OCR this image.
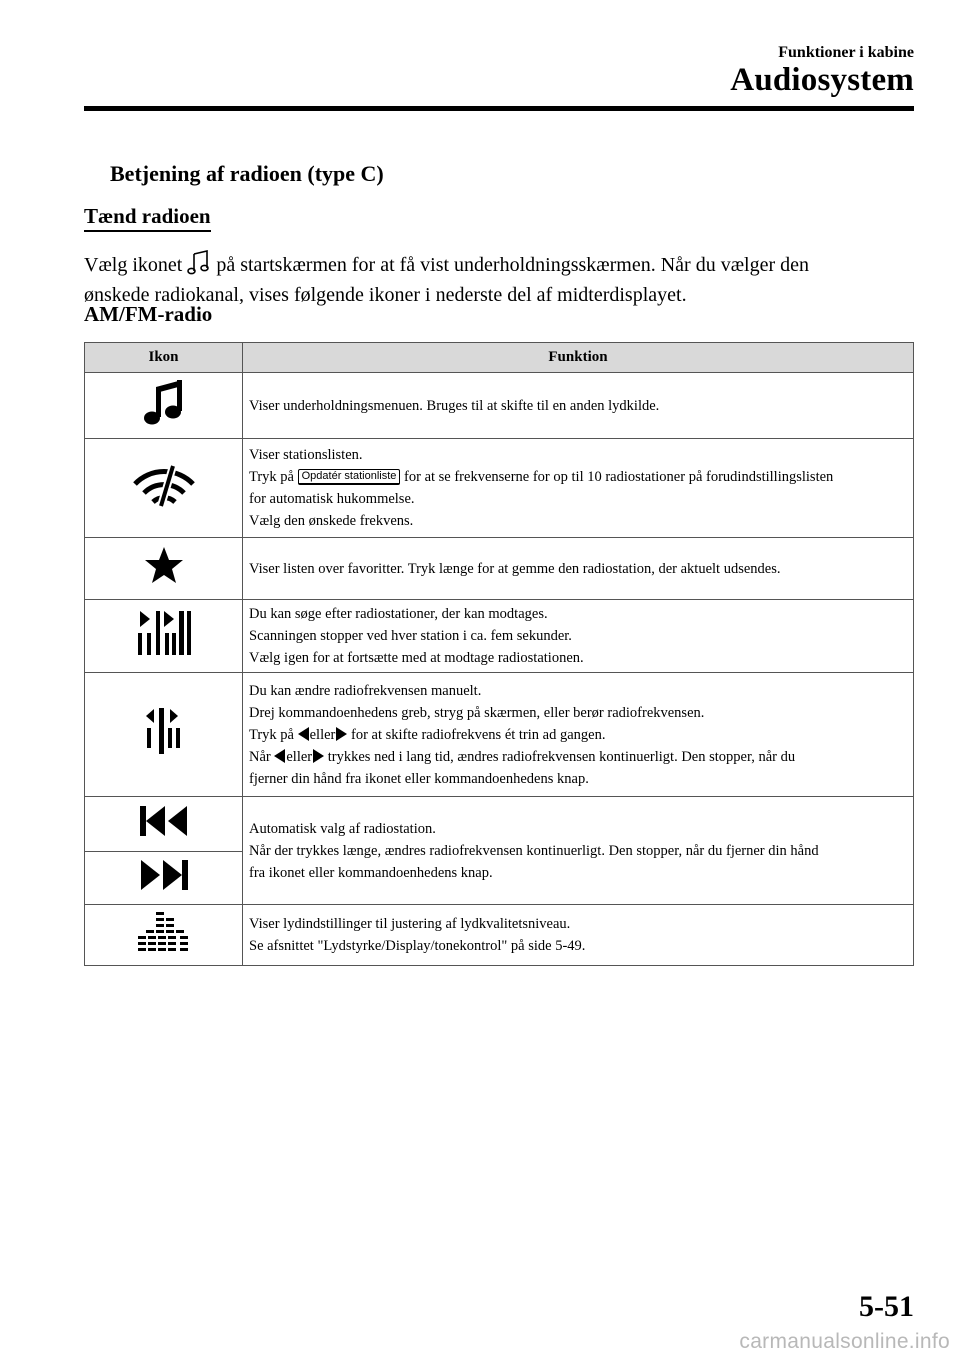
Funktioner i kabine
Audiosystem
Betjening af radioen (type C)
Tænd radioen
Vælg ikonet på startskærmen for at få vist underholdningsskærmen. Når du vælger den
ønskede radiokanal, vises følgende ikoner i nederste del af midterdisplayet.
AM/FM-radio
Ikon	Funktion

Viser underholdningsmenuen. Bruges til at skifte til en anden lydkilde.

Viser stationslisten.
Tryk på Opdatér stationliste for at se frekvenserne for op til 10 radiostationer på forudindstillingslisten
for automatisk hukommelse.
Vælg den ønskede frekvens.

Viser listen over favoritter. Tryk længe for at gemme den radiostation, der aktuelt udsendes.

Du kan søge efter radiostationer, der kan modtages.
Scanningen stopper ved hver station i ca. fem sekunder.
Vælg igen for at fortsætte med at modtage radiostationen.

Du kan ændre radiofrekvensen manuelt.
Drej kommandoenhedens greb, stryg på skærmen, eller berør radiofrekvensen.
Tryk på eller for at skifte radiofrekvens ét trin ad gangen.
Når eller trykkes ned i lang tid, ændres radiofrekvensen kontinuerligt. Den stopper, når du
fjerner din hånd fra ikonet eller kommandoenhedens knap.

Automatisk valg af radiostation.
Når der trykkes længe, ændres radiofrekvensen kontinuerligt. Den stopper, når du fjerner din hånd
fra ikonet eller kommandoenhedens knap.

Viser lydindstillinger til justering af lydkvalitetsniveau.
Se afsnittet "Lydstyrke/Display/tonekontrol" på side 5-49.
5-51
carmanualsonline.info
